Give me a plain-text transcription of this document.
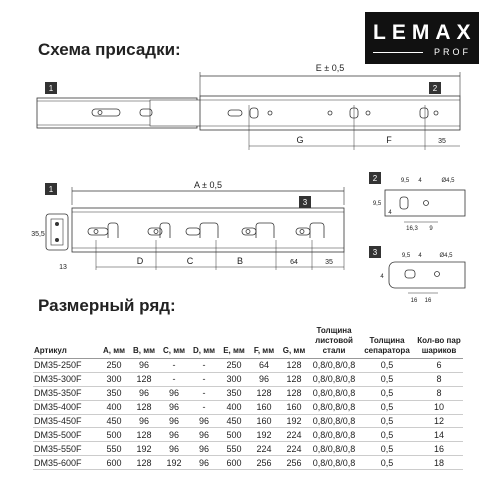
Схема присадки:
LEMAX
PROF
E ± 0,5
1	2
G	F	35
1	A ± 0,5
3
35,5
13
D	C	B	64	35
2	9,5 4	Ø4,5
9,5
4
16,3 9
3	9,5 4	Ø4,5
4
16 16
Размерный ряд:
Артикул	A, мм	B, мм	C, мм	D, мм	E, мм	F, мм	G, мм	Толщина листовой стали	Толщина сепаратора	Кол-во пар шариков
DM35-250F	250	96	-	-	250	64	128	0,8/0,8/0,8	0,5	6
DM35-300F	300	128	-	-	300	96	128	0,8/0,8/0,8	0,5	8
DM35-350F	350	96	96	-	350	128	128	0,8/0,8/0,8	0,5	8
DM35-400F	400	128	96	-	400	160	160	0,8/0,8/0,8	0,5	10
DM35-450F	450	96	96	96	450	160	192	0,8/0,8/0,8	0,5	12
DM35-500F	500	128	96	96	500	192	224	0,8/0,8/0,8	0,5	14
DM35-550F	550	192	96	96	550	224	224	0,8/0,8/0,8	0,5	16
DM35-600F	600	128	192	96	600	256	256	0,8/0,8/0,8	0,5	18
